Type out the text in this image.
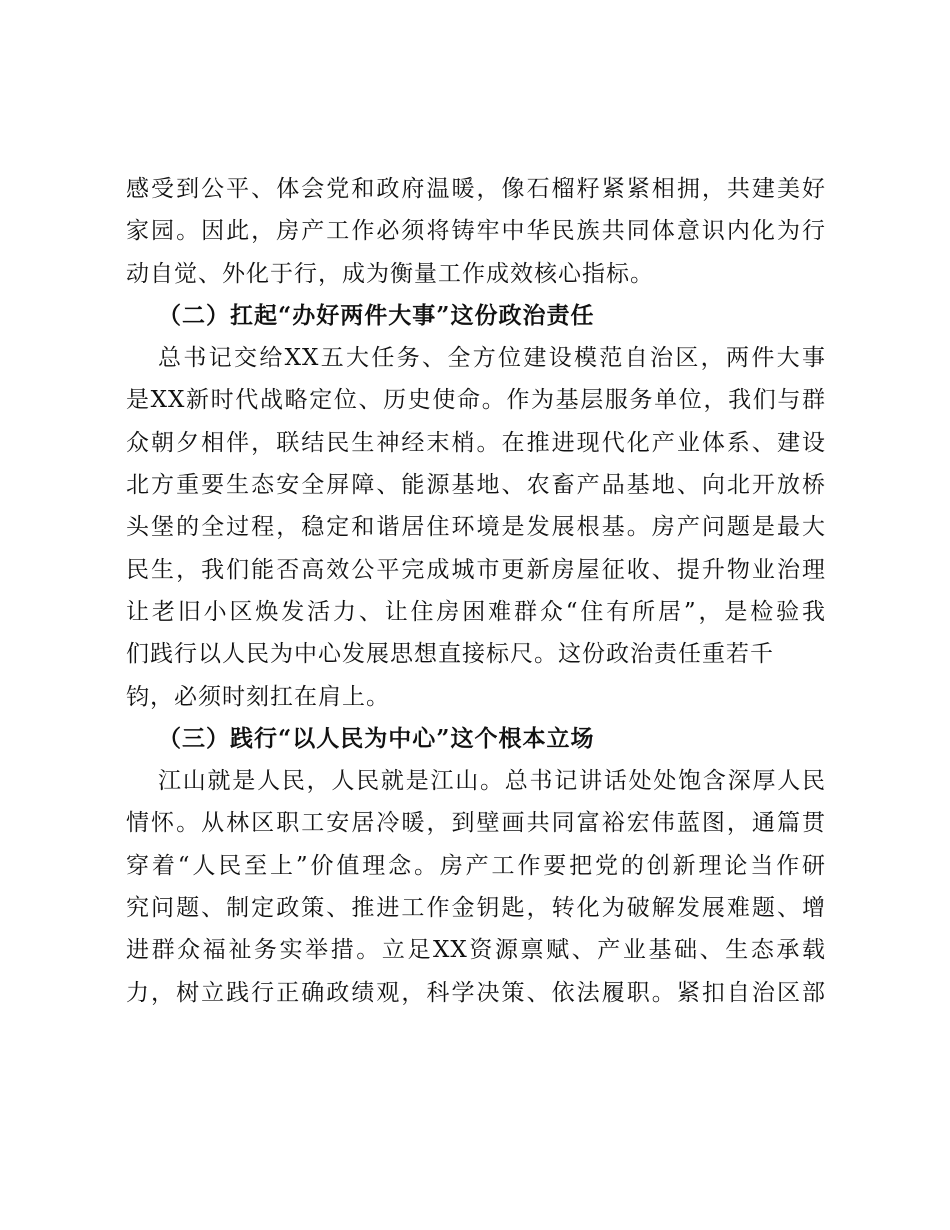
感受到公平、体会党和政府温暖，像石榴籽紧紧相拥，共建美好
家园。因此，房产工作必须将铸牢中华民族共同体意识内化为行
动自觉、外化于行，成为衡量工作成效核心指标。
（二）扛起“办好两件大事”这份政治责任
总书记交给XX五大任务、全方位建设模范自治区，两件大事
是XX新时代战略定位、历史使命。作为基层服务单位，我们与群
众朝夕相伴，联结民生神经末梢。在推进现代化产业体系、建设
北方重要生态安全屏障、能源基地、农畜产品基地、向北开放桥
头堡的全过程，稳定和谐居住环境是发展根基。房产问题是最大
民生，我们能否高效公平完成城市更新房屋征收、提升物业治理
让老旧小区焕发活力、让住房困难群众“住有所居”，是检验我
们践行以人民为中心发展思想直接标尺。这份政治责任重若千
钧，必须时刻扛在肩上。
（三）践行“以人民为中心”这个根本立场
江山就是人民，人民就是江山。总书记讲话处处饱含深厚人民
情怀。从林区职工安居冷暖，到壁画共同富裕宏伟蓝图，通篇贯
穿着“人民至上”价值理念。房产工作要把党的创新理论当作研
究问题、制定政策、推进工作金钥匙，转化为破解发展难题、增
进群众福祉务实举措。立足XX资源禀赋、产业基础、生态承载
力，树立践行正确政绩观，科学决策、依法履职。紧扣自治区部
